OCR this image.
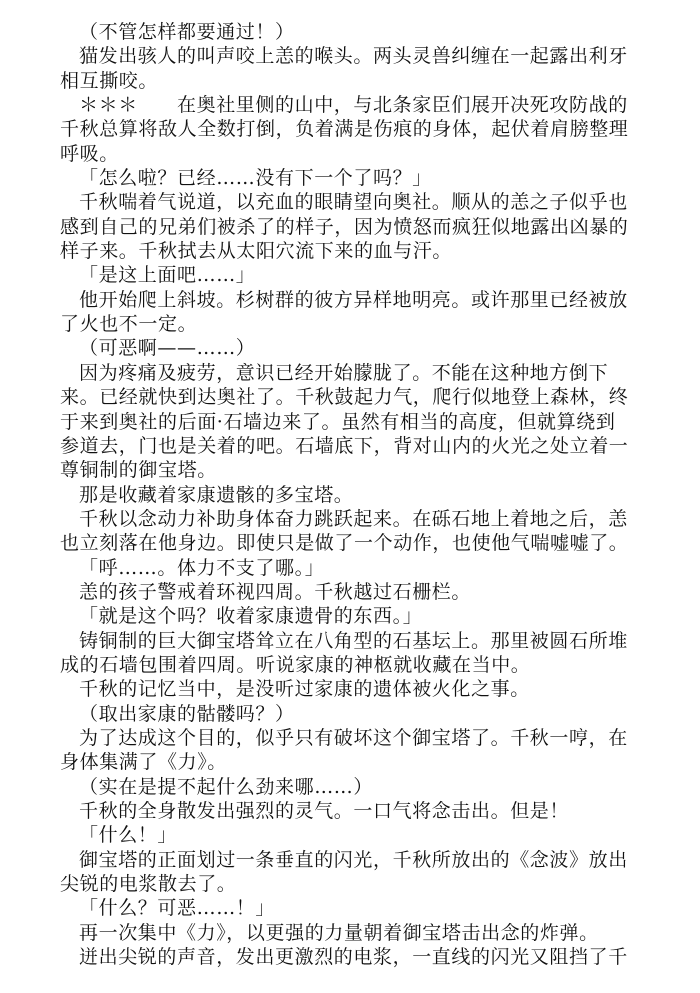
（不管怎样都要通过！）

猫发出骇人的叫声咬上恙的喉头。两头灵兽纠缠在一起露出利牙相互撕咬。

＊＊＊　　在奥社里侧的山中，与北条家臣们展开决死攻防战的千秋总算将敌人全数打倒，负着满是伤痕的身体，起伏着肩膀整理呼吸。

「怎么啦？已经……没有下一个了吗？」

千秋喘着气说道，以充血的眼睛望向奥社。顺从的恙之子似乎也感到自己的兄弟们被杀了的样子，因为愤怒而疯狂似地露出凶暴的样子来。千秋拭去从太阳穴流下来的血与汗。

「是这上面吧……」

他开始爬上斜坡。杉树群的彼方异样地明亮。或许那里已经被放了火也不一定。

（可恶啊——……）

因为疼痛及疲劳，意识已经开始朦胧了。不能在这种地方倒下来。已经就快到达奥社了。千秋鼓起力气，爬行似地登上森林，终于来到奥社的后面·石墙边来了。虽然有相当的高度，但就算绕到参道去，门也是关着的吧。石墙底下，背对山内的火光之处立着一尊铜制的御宝塔。

那是收藏着家康遗骸的多宝塔。

千秋以念动力补助身体奋力跳跃起来。在砾石地上着地之后，恙也立刻落在他身边。即使只是做了一个动作，也使他气喘嘘嘘了。

「呼……。体力不支了哪。」

恙的孩子警戒着环视四周。千秋越过石栅栏。

「就是这个吗？收着家康遗骨的东西。」

铸铜制的巨大御宝塔耸立在八角型的石基坛上。那里被圆石所堆成的石墙包围着四周。听说家康的神柩就收藏在当中。

千秋的记忆当中，是没听过家康的遗体被火化之事。

（取出家康的骷髅吗？）

为了达成这个目的，似乎只有破坏这个御宝塔了。千秋一哼，在身体集满了《力》。

（实在是提不起什么劲来哪……）

千秋的全身散发出强烈的灵气。一口气将念击出。但是！

「什么！」

御宝塔的正面划过一条垂直的闪光，千秋所放出的《念波》放出尖锐的电浆散去了。

「什么？可恶……！」

再一次集中《力》，以更强的力量朝着御宝塔击出念的炸弹。

迸出尖锐的声音，发出更激烈的电浆，一直线的闪光又阻挡了千
